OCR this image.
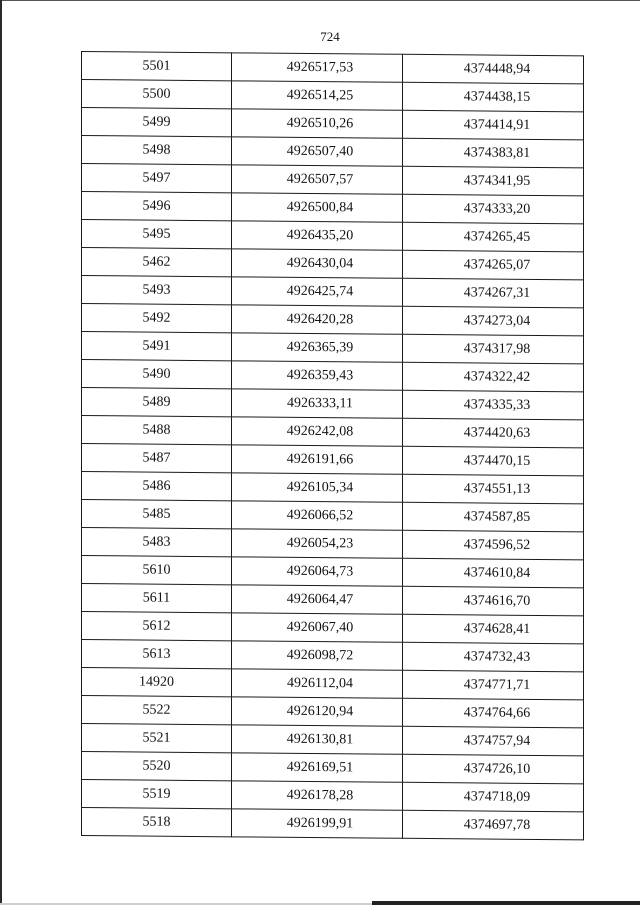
724
5501	4926517,53	4374448,94
5500	4926514,25	4374438,15
5499	4926510,26	4374414,91
5498	4926507,40	4374383,81
5497	4926507,57	4374341,95
5496	4926500,84	4374333,20
5495	4926435,20	4374265,45
5462	4926430,04	4374265,07
5493	4926425,74	4374267,31
5492	4926420,28	4374273,04
5491	4926365,39	4374317,98
5490	4926359,43	4374322,42
5489	4926333,11	4374335,33
5488	4926242,08	4374420,63
5487	4926191,66	4374470,15
5486	4926105,34	4374551,13
5485	4926066,52	4374587,85
5483	4926054,23	4374596,52
5610	4926064,73	4374610,84
5611	4926064,47	4374616,70
5612	4926067,40	4374628,41
5613	4926098,72	4374732,43
14920	4926112,04	4374771,71
5522	4926120,94	4374764,66
5521	4926130,81	4374757,94
5520	4926169,51	4374726,10
5519	4926178,28	4374718,09
5518	4926199,91	4374697,78
